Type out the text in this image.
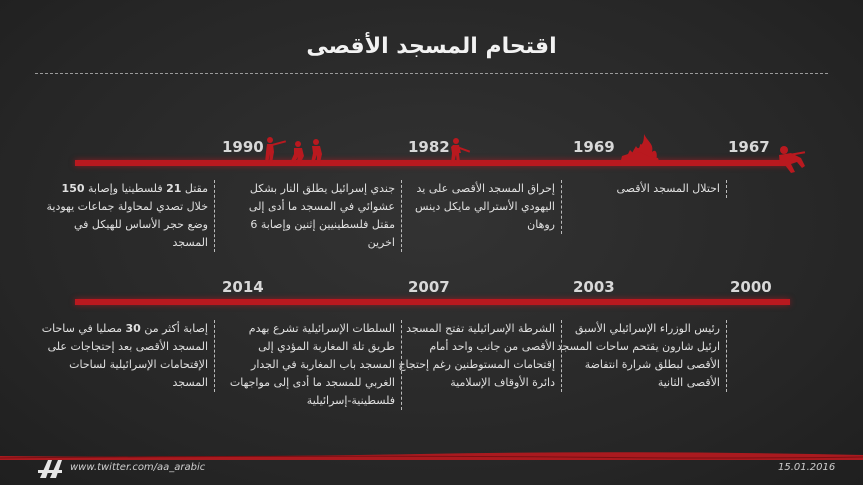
اقتحام المسجد الأقصى
1967
1969
1982
1990
احتلال المسجد الأقصى
إحراق المسجد الأقصى على يد اليهودي الأسترالي مايكل دينس روهان
جندي إسرائيل يطلق النار بشكل عشوائي في المسجد ما أدى إلى مقتل فلسطينيين إثنين وإصابة 6 اخرين
مقتل 21 فلسطينيا وإصابة 150 خلال تصدي لمحاولة جماعات يهودية وضع حجر الأساس للهيكل في المسجد
2000
2003
2007
2014
رئيس الوزراء الإسرائيلي الأسبق ارئيل شارون يقتحم ساحات المسجد الأقصى لبطلق شرارة انتفاضة الأقصى الثانية
الشرطة الإسرائيلية تفتح المسجد الأقصى من جانب واحد أمام إقتحامات المستوطنين رغم إحتجاج دائرة الأوقاف الإسلامية
السلطات الإسرائيلية تشرع بهدم طريق تلة المغاربة المؤدي إلى المسجد باب المغاربة في الجدار الغربي للمسجد ما أدى إلى مواجهات فلسطينية-إسرائيلية
إصابة أكثر من 30 مصليا في ساحات المسجد الأقصى بعد إحتجاجات على الإقتحامات الإسرائيلية لساحات المسجد
www.twitter.com/aa_arabic	15.01.2016
